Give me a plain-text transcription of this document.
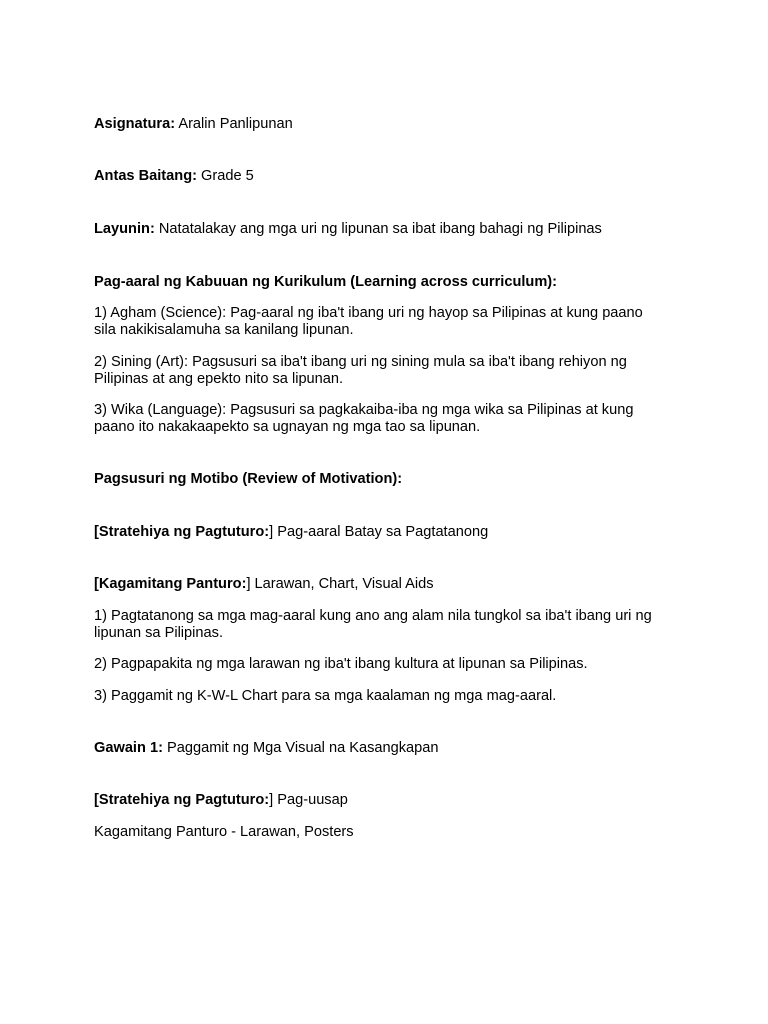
Asignatura: Aralin Panlipunan

Antas Baitang: Grade 5

Layunin: Natatalakay ang mga uri ng lipunan sa ibat ibang bahagi ng Pilipinas

Pag-aaral ng Kabuuan ng Kurikulum (Learning across curriculum):

1) Agham (Science): Pag-aaral ng iba't ibang uri ng hayop sa Pilipinas at kung paano sila nakikisalamuha sa kanilang lipunan.

2) Sining (Art): Pagsusuri sa iba't ibang uri ng sining mula sa iba't ibang rehiyon ng Pilipinas at ang epekto nito sa lipunan.

3) Wika (Language): Pagsusuri sa pagkakaiba-iba ng mga wika sa Pilipinas at kung paano ito nakakaapekto sa ugnayan ng mga tao sa lipunan.

Pagsusuri ng Motibo (Review of Motivation):

[Stratehiya ng Pagtuturo:] Pag-aaral Batay sa Pagtatanong

[Kagamitang Panturo:] Larawan, Chart, Visual Aids

1) Pagtatanong sa mga mag-aaral kung ano ang alam nila tungkol sa iba't ibang uri ng lipunan sa Pilipinas.

2) Pagpapakita ng mga larawan ng iba't ibang kultura at lipunan sa Pilipinas.

3) Paggamit ng K-W-L Chart para sa mga kaalaman ng mga mag-aaral.

Gawain 1: Paggamit ng Mga Visual na Kasangkapan

[Stratehiya ng Pagtuturo:] Pag-uusap

Kagamitang Panturo - Larawan, Posters
